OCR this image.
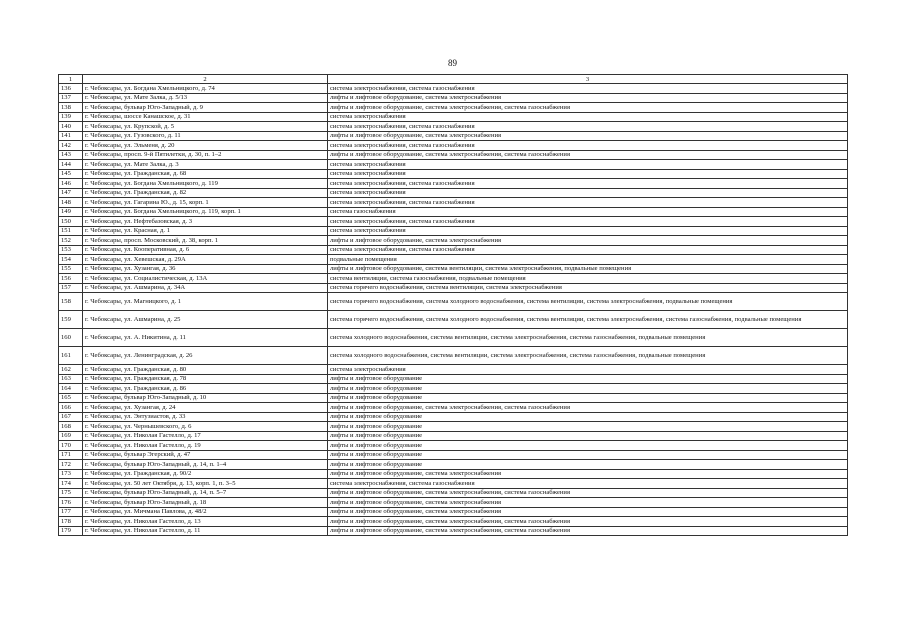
89
1	2	3
136	г. Чебоксары, ул. Богдана Хмельницкого, д. 74	система электроснабжения, система газоснабжения
137	г. Чебоксары, ул. Мате Залка, д. 5/13	лифты и лифтовое оборудование, система электроснабжения
138	г. Чебоксары, бульвар Юго-Западный, д. 9	лифты и лифтовое оборудование, система электроснабжения, система газоснабжения
139	г. Чебоксары, шоссе Канашское, д. 31	система электроснабжения
140	г. Чебоксары, ул. Крупской, д. 5	система электроснабжения, система газоснабжения
141	г. Чебоксары, ул. Гузовского, д. 11	лифты и лифтовое оборудование, система электроснабжения
142	г. Чебоксары, ул. Эльменя, д. 20	система электроснабжения, система газоснабжения
143	г. Чебоксары, просп. 9-й Пятилетки, д. 30, п. 1–2	лифты и лифтовое оборудование, система электроснабжения, система газоснабжения
144	г. Чебоксары, ул. Мате Залка, д. 3	система электроснабжения
145	г. Чебоксары, ул. Гражданская, д. 68	система электроснабжения
146	г. Чебоксары, ул. Богдана Хмельницкого, д. 119	система электроснабжения, система газоснабжения
147	г. Чебоксары, ул. Гражданская, д. 82	система электроснабжения
148	г. Чебоксары, ул. Гагарина Ю., д. 15, корп. 1	система электроснабжения, система газоснабжения
149	г. Чебоксары, ул. Богдана Хмельницкого, д. 119, корп. 1	система газоснабжения
150	г. Чебоксары, ул. Нефтебазовская, д. 3	система электроснабжения, система газоснабжения
151	г. Чебоксары, ул. Красная, д. 1	система электроснабжения
152	г. Чебоксары, просп. Московский, д. 38, корп. 1	лифты и лифтовое оборудование, система электроснабжения
153	г. Чебоксары, ул. Кооперативная, д. 6	система электроснабжения, система газоснабжения
154	г. Чебоксары, ул. Хевешская, д. 29А	подвальные помещения
155	г. Чебоксары, ул. Хузангая, д. 36	лифты и лифтовое оборудование, система вентиляции, система электроснабжения, подвальные помещения
156	г. Чебоксары, ул. Социалистическая, д. 13А	система вентиляции, система газоснабжения, подвальные помещения
157	г. Чебоксары, ул. Ашмарина, д. 34А	система горячего водоснабжения, система вентиляции, система электроснабжения
158	г. Чебоксары, ул. Магницкого, д. 1	система горячего водоснабжения, система холодного водоснабжения, система вентиляции, система электроснабжения, подвальные помещения
159	г. Чебоксары, ул. Ашмарина, д. 25	система горячего водоснабжения, система холодного водоснабжения, система вентиляции, система электроснабжения, система газоснабжения, подвальные помещения
160	г. Чебоксары, ул. А. Никитина, д. 11	система холодного водоснабжения, система вентиляции, система электроснабжения, система газоснабжения, подвальные помещения
161	г. Чебоксары, ул. Ленинградская, д. 26	система холодного водоснабжения, система вентиляции, система электроснабжения, система газоснабжения, подвальные помещения
162	г. Чебоксары, ул. Гражданская, д. 80	система электроснабжения
163	г. Чебоксары, ул. Гражданская, д. 78	лифты и лифтовое оборудование
164	г. Чебоксары, ул. Гражданская, д. 86	лифты и лифтовое оборудование
165	г. Чебоксары, бульвар Юго-Западный, д. 10	лифты и лифтовое оборудование
166	г. Чебоксары, ул. Хузангая, д. 24	лифты и лифтовое оборудование, система электроснабжения, система газоснабжения
167	г. Чебоксары, ул. Энтузиастов, д. 33	лифты и лифтовое оборудование
168	г. Чебоксары, ул. Чернышевского, д. 6	лифты и лифтовое оборудование
169	г. Чебоксары, ул. Николая Гастелло, д. 17	лифты и лифтовое оборудование
170	г. Чебоксары, ул. Николая Гастелло, д. 19	лифты и лифтовое оборудование
171	г. Чебоксары, бульвар Эгерский, д. 47	лифты и лифтовое оборудование
172	г. Чебоксары, бульвар Юго-Западный, д. 14, п. 1–4	лифты и лифтовое оборудование
173	г. Чебоксары, ул. Гражданская, д. 90/2	лифты и лифтовое оборудование, система электроснабжения
174	г. Чебоксары, ул. 50 лет Октября, д. 13, корп. 1, п. 3–5	система электроснабжения, система газоснабжения
175	г. Чебоксары, бульвар Юго-Западный, д. 14, п. 5–7	лифты и лифтовое оборудование, система электроснабжения, система газоснабжения
176	г. Чебоксары, бульвар Юго-Западный, д. 18	лифты и лифтовое оборудование, система электроснабжения
177	г. Чебоксары, ул. Мичмана Павлова, д. 48/2	лифты и лифтовое оборудование, система электроснабжения
178	г. Чебоксары, ул. Николая Гастелло, д. 13	лифты и лифтовое оборудование, система электроснабжения, система газоснабжения
179	г. Чебоксары, ул. Николая Гастелло, д. 11	лифты и лифтовое оборудование, система электроснабжения, система газоснабжения
